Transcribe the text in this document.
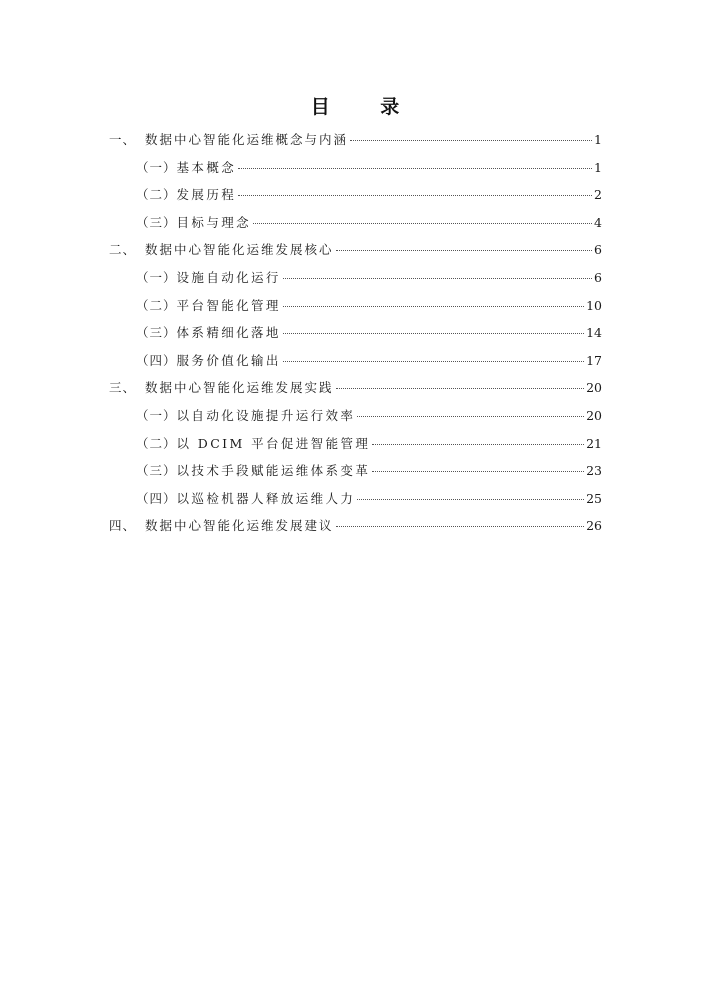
目 录
一、 数据中心智能化运维概念与内涵	1
（一） 基本概念	1
（二） 发展历程	2
（三） 目标与理念	4
二、 数据中心智能化运维发展核心	6
（一） 设施自动化运行	6
（二） 平台智能化管理	10
（三） 体系精细化落地	14
（四） 服务价值化输出	17
三、 数据中心智能化运维发展实践	20
（一） 以自动化设施提升运行效率	20
（二） 以 DCIM 平台促进智能管理	21
（三） 以技术手段赋能运维体系变革	23
（四） 以巡检机器人释放运维人力	25
四、 数据中心智能化运维发展建议	26
